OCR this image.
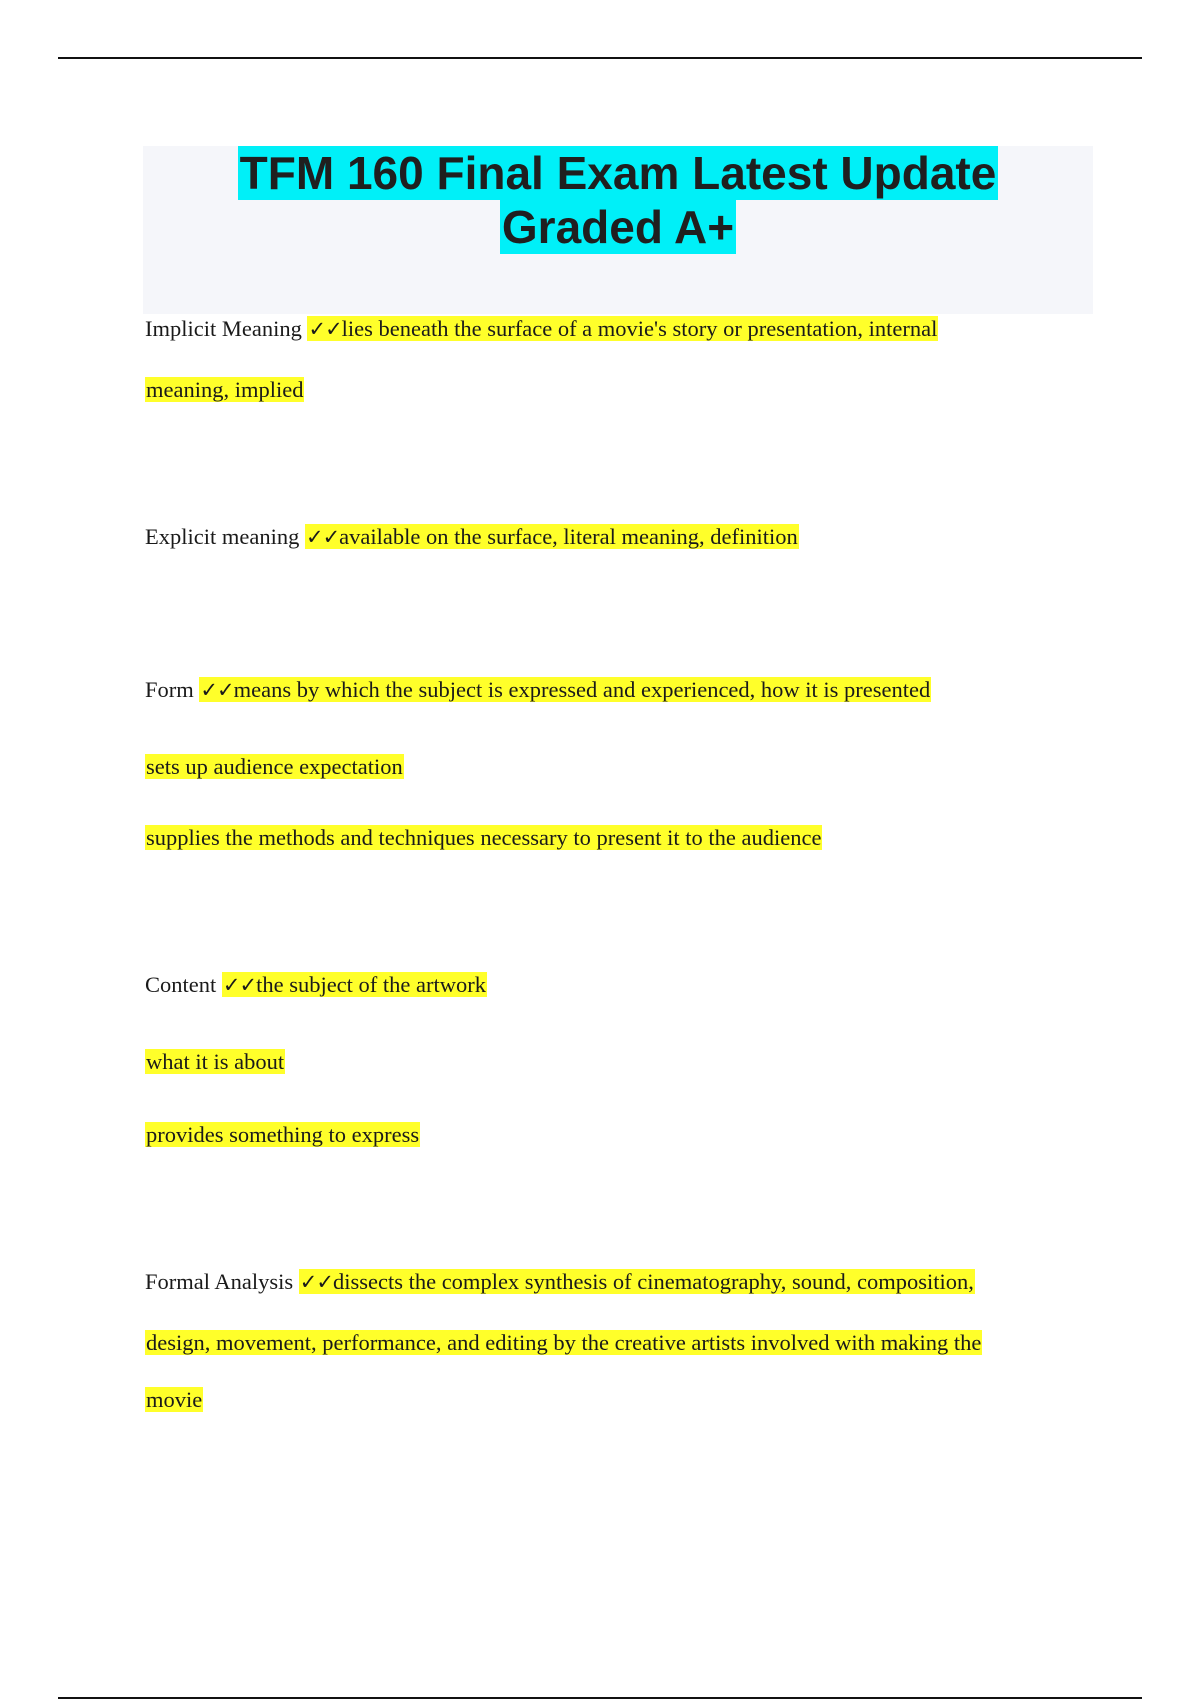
TFM 160 Final Exam Latest Update
Graded A+
Implicit Meaning ✓✓lies beneath the surface of a movie's story or presentation, internal
meaning, implied
Explicit meaning ✓✓available on the surface, literal meaning, definition
Form ✓✓means by which the subject is expressed and experienced, how it is presented
sets up audience expectation
supplies the methods and techniques necessary to present it to the audience
Content ✓✓the subject of the artwork
what it is about
provides something to express
Formal Analysis ✓✓dissects the complex synthesis of cinematography, sound, composition,
design, movement, performance, and editing by the creative artists involved with making the
movie
